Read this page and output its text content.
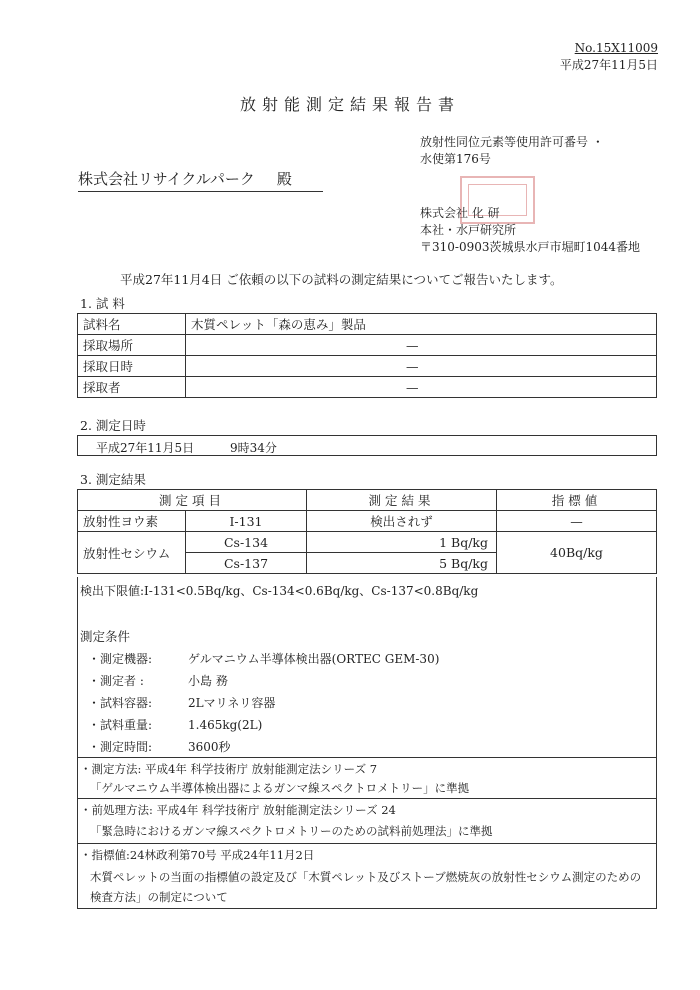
No.15X11009
平成27年11月5日
放射能測定結果報告書
放射性同位元素等使用許可番号 ・
水使第176号
株式会社リサイクルパーク 殿
株式会社 化 研
本社・水戸研究所
〒310-0903茨城県水戸市堀町1044番地
平成27年11月4日 ご依頼の以下の試料の測定結果についてご報告いたします。
1. 試 料
試料名	木質ペレット「森の恵み」製品
採取場所	—
採取日時	—
採取者	—
2. 測定日時
平成27年11月5日	9時34分
3. 測定結果
測定項目		測定結果	指標値
放射性ヨウ素	I-131	検出されず	—
放射性セシウム	Cs-134	1 Bq/kg	40Bq/kg
	Cs-137	5 Bq/kg	
検出下限値:I-131<0.5Bq/kg、Cs-134<0.6Bq/kg、Cs-137<0.8Bq/kg
測定条件
・測定機器:	ゲルマニウム半導体検出器(ORTEC GEM-30)
・測定者 :	小島 務
・試料容器:	2Lマリネリ容器
・試料重量:	1.465kg(2L)
・測定時間:	3600秒
・測定方法: 平成4年 科学技術庁 放射能測定法シリーズ 7
「ゲルマニウム半導体検出器によるガンマ線スペクトロメトリー」に準拠
・前処理方法: 平成4年 科学技術庁 放射能測定法シリーズ 24
「緊急時におけるガンマ線スペクトロメトリーのための試料前処理法」に準拠
・指標値:24林政利第70号 平成24年11月2日
木質ペレットの当面の指標値の設定及び「木質ペレット及びストーブ燃焼灰の放射性セシウム測定のための
検査方法」の制定について
